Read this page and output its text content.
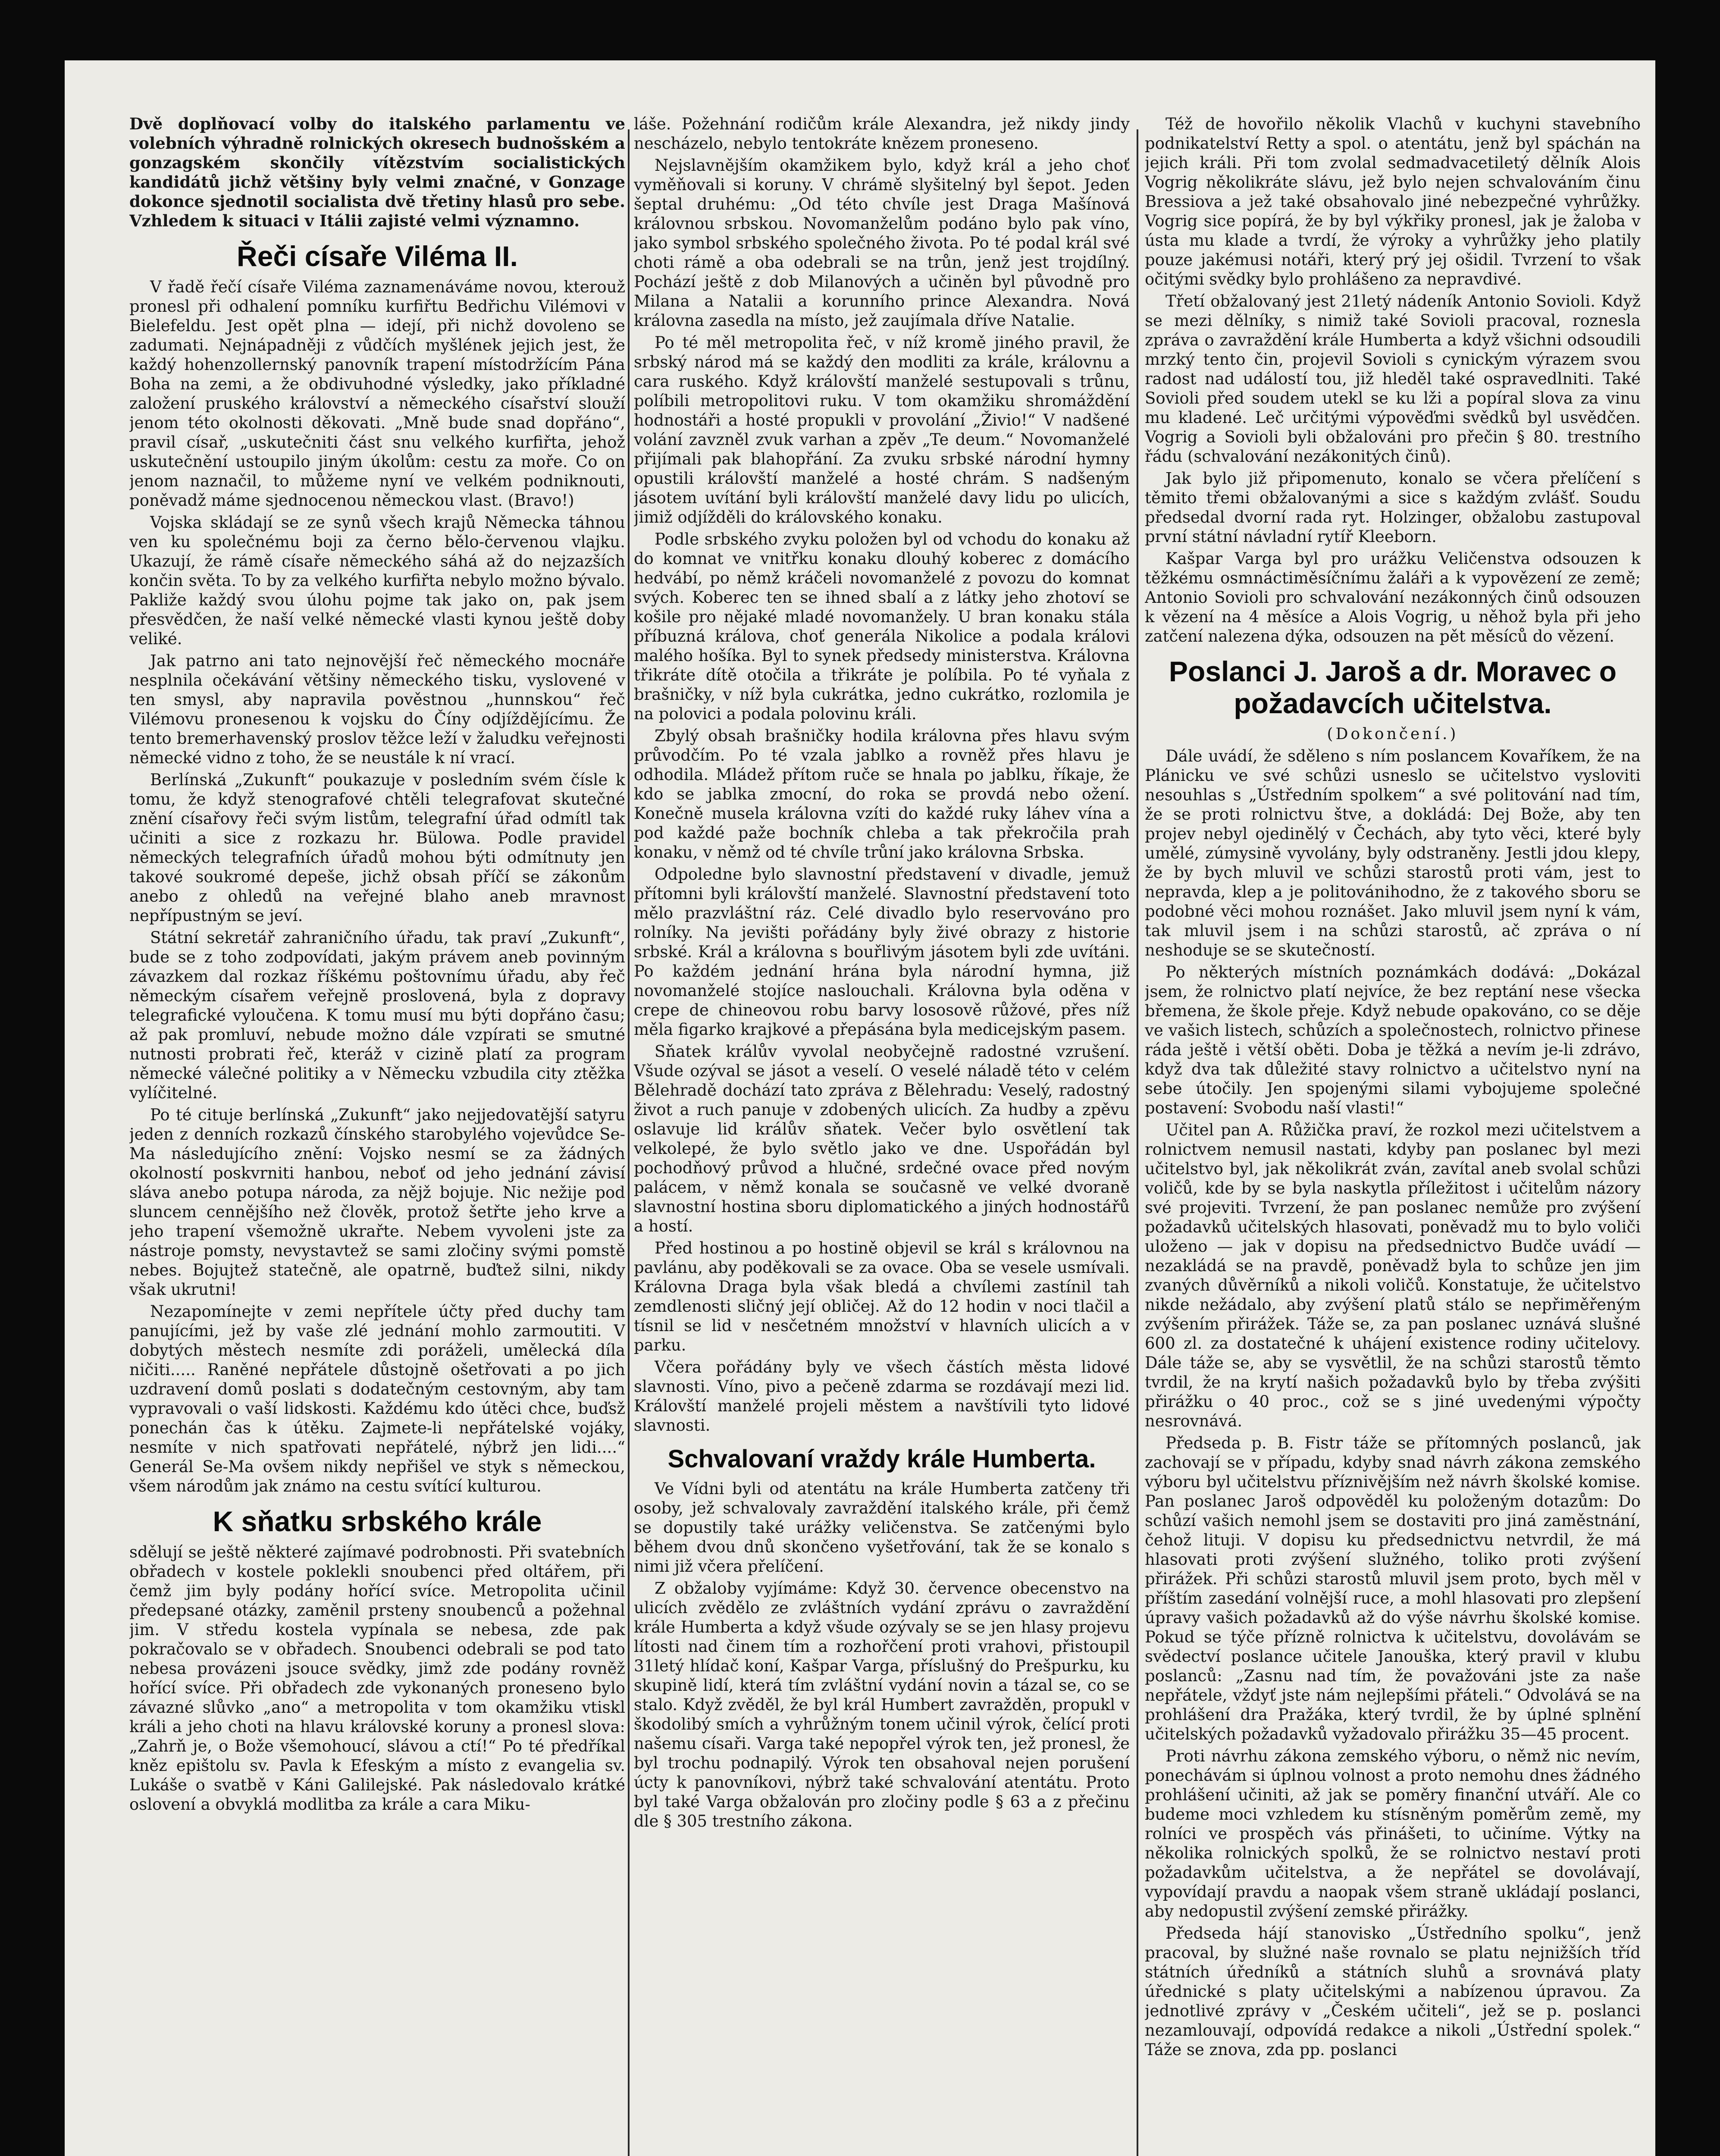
Dvě doplňovací volby do italského parlamentu ve volebních výhradně rolnických okresech budnošském a gonzagském skončily vítězstvím socialistických kandidátů jichž většiny byly velmi značné, v Gonzage dokonce sjednotil socialista dvě třetiny hlasů pro sebe. Vzhledem k situaci v Itálii zajisté velmi významno.

Řeči císaře Viléma II.

V řadě řečí císaře Viléma zaznamenáváme novou, kterouž pronesl při odhalení pomníku kurfiřtu Bedřichu Vilémovi v Bielefeldu. Jest opět plna — idejí, při nichž dovoleno se zadumati. Nejnápadněji z vůdčích myšlének jejich jest, že každý hohenzollernský panovník trapení místodržícím Pána Boha na zemi, a že obdivuhodné výsledky, jako příkladné založení pruského království a německého císařství slouží jenom této okolnosti děkovati. „Mně bude snad dopřáno“, pravil císař, „uskutečniti část snu velkého kurfiřta, jehož uskutečnění ustoupilo jiným úkolům: cestu za moře. Co on jenom naznačil, to můžeme nyní ve velkém podniknouti, poněvadž máme sjednocenou německou vlast. (Bravo!)

Vojska skládají se ze synů všech krajů Německa táhnou ven ku společnému boji za černo bělo-červenou vlajku. Ukazují, že rámě císaře německého sáhá až do nejzazších končin světa. To by za velkého kurfiřta nebylo možno bývalo. Pakliže každý svou úlohu pojme tak jako on, pak jsem přesvědčen, že naší velké německé vlasti kynou ještě doby veliké.

Jak patrno ani tato nejnovější řeč německého mocnáře nesplnila očekávání většiny německého tisku, vyslovené v ten smysl, aby napravila pověstnou „hunnskou“ řeč Vilémovu pronesenou k vojsku do Číny odjíždějícímu. Že tento bremerhavenský proslov těžce leží v žaludku veřejnosti německé vidno z toho, že se neustále k ní vrací.

Berlínská „Zukunft“ poukazuje v posledním svém čísle k tomu, že když stenografové chtěli telegrafovat skutečné znění císařovy řeči svým listům, telegrafní úřad odmítl tak učiniti a sice z rozkazu hr. Bülowa. Podle pravidel německých telegrafních úřadů mohou býti odmítnuty jen takové soukromé depeše, jichž obsah příčí se zákonům anebo z ohledů na veřejné blaho aneb mravnost nepřípustným se jeví.

Státní sekretář zahraničního úřadu, tak praví „Zukunft“, bude se z toho zodpovídati, jakým právem aneb povinným závazkem dal rozkaz říškému poštovnímu úřadu, aby řeč německým císařem veřejně proslovená, byla z dopravy telegrafické vyloučena. K tomu musí mu býti dopřáno času; až pak promluví, nebude možno dále vzpírati se smutné nutnosti probrati řeč, kteráž v cizině platí za program německé válečné politiky a v Německu vzbudila city ztěžka vylíčitelné.

Po té cituje berlínská „Zukunft“ jako nejjedovatější satyru jeden z denních rozkazů čínského starobylého vojevůdce Se-Ma následujícího znění: Vojsko nesmí se za žádných okolností poskvrniti hanbou, neboť od jeho jednání závisí sláva anebo potupa národa, za nějž bojuje. Nic nežije pod sluncem cennějšího než člověk, protož šetřte jeho krve a jeho trapení všemožně ukrařte. Nebem vyvoleni jste za nástroje pomsty, nevystavtež se sami zločiny svými pomstě nebes. Bojujtež statečně, ale opatrně, buďtež silni, nikdy však ukrutni!

Nezapomínejte v zemi nepřítele účty před duchy tam panujícími, jež by vaše zlé jednání mohlo zarmoutiti. V dobytých městech nesmíte zdi poráželi, umělecká díla ničiti..... Raněné nepřátele důstojně ošetřovati a po jich uzdravení domů poslati s dodatečným cestovným, aby tam vypravovali o vaší lidskosti. Každému kdo útěci chce, buďsž ponechán čas k útěku. Zajmete-li nepřátelské vojáky, nesmíte v nich spatřovati nepřátelé, nýbrž jen lidi....“ Generál Se-Ma ovšem nikdy nepřišel ve styk s německou, všem národům jak známo na cestu svítící kulturou.

K sňatku srbského krále

sdělují se ještě některé zajímavé podrobnosti. Při svatebních obřadech v kostele poklekli snoubenci před oltářem, při čemž jim byly podány hořící svíce. Metropolita učinil předepsané otázky, zaměnil prsteny snoubenců a požehnal jim. V středu kostela vypínala se nebesa, zde pak pokračovalo se v obřadech. Snoubenci odebrali se pod tato nebesa provázeni jsouce svědky, jimž zde podány rovněž hořící svíce. Při obřadech zde vykonaných proneseno bylo závazné slůvko „ano“ a metropolita v tom okamžiku vtiskl králi a jeho choti na hlavu královské koruny a pronesl slova: „Zahrň je, o Bože všemohoucí, slávou a ctí!“ Po té předříkal kněz epištolu sv. Pavla k Efeským a místo z evangelia sv. Lukáše o svatbě v Káni Galilejské. Pak následovalo krátké oslovení a obvyklá modlitba za krále a cara Miku-

láše. Požehnání rodičům krále Alexandra, jež nikdy jindy nescházelo, nebylo tentokráte knězem proneseno.

Nejslavnějším okamžikem bylo, když král a jeho choť vyměňovali si koruny. V chrámě slyšitelný byl šepot. Jeden šeptal druhému: „Od této chvíle jest Draga Mašínová královnou srbskou. Novomanželům podáno bylo pak víno, jako symbol srbského společného života. Po té podal král své choti rámě a oba odebrali se na trůn, jenž jest trojdílný. Pochází ještě z dob Milanových a učiněn byl původně pro Milana a Natalii a korunního prince Alexandra. Nová královna zasedla na místo, jež zaujímala dříve Natalie.

Po té měl metropolita řeč, v níž kromě jiného pravil, že srbský národ má se každý den modliti za krále, královnu a cara ruského. Když královští manželé sestupovali s trůnu, políbili metropolitovi ruku. V tom okamžiku shromáždění hodnostáři a hosté propukli v provolání „Živio!“ V nadšené volání zavzněl zvuk varhan a zpěv „Te deum.“ Novomanželé přijímali pak blahopřání. Za zvuku srbské národní hymny opustili královští manželé a hosté chrám. S nadšeným jásotem uvítání byli královští manželé davy lidu po ulicích, jimiž odjížděli do královského konaku.

Podle srbského zvyku položen byl od vchodu do konaku až do komnat ve vnitřku konaku dlouhý koberec z domácího hedvábí, po němž kráčeli novomanželé z povozu do komnat svých. Koberec ten se ihned sbalí a z látky jeho zhotoví se košile pro nějaké mladé novomanžely. U bran konaku stála příbuzná králova, choť generála Nikolice a podala královi malého hošíka. Byl to synek předsedy ministerstva. Královna třikráte dítě otočila a třikráte je políbila. Po té vyňala z brašničky, v níž byla cukrátka, jedno cukrátko, rozlomila je na polovici a podala polovinu králi.

Zbylý obsah brašničky hodila královna přes hlavu svým průvodčím. Po té vzala jablko a rovněž přes hlavu je odhodila. Mládež přítom ruče se hnala po jablku, říkaje, že kdo se jablka zmocní, do roka se provdá nebo ožení. Konečně musela královna vzíti do každé ruky láhev vína a pod každé paže bochník chleba a tak překročila prah konaku, v němž od té chvíle trůní jako královna Srbska.

Odpoledne bylo slavnostní představení v divadle, jemuž přítomni byli královští manželé. Slavnostní představení toto mělo prazvláštní ráz. Celé divadlo bylo reservováno pro rolníky. Na jevišti pořádány byly živé obrazy z historie srbské. Král a královna s bouřlivým jásotem byli zde uvítáni. Po každém jednání hrána byla národní hymna, již novomanželé stojíce naslouchali. Královna byla oděna v crepe de chineovou robu barvy lososově růžové, přes níž měla figarko krajkové a přepásána byla medicejským pasem.

Sňatek králův vyvolal neobyčejně radostné vzrušení. Všude ozýval se jásot a veselí. O veselé náladě této v celém Bělehradě dochází tato zpráva z Bělehradu: Veselý, radostný život a ruch panuje v zdobených ulicích. Za hudby a zpěvu oslavuje lid králův sňatek. Večer bylo osvětlení tak velkolepé, že bylo světlo jako ve dne. Uspořádán byl pochodňový průvod a hlučné, srdečné ovace před novým palácem, v němž konala se současně ve velké dvoraně slavnostní hostina sboru diplomatického a jiných hodnostářů a hostí.

Před hostinou a po hostině objevil se král s královnou na pavlánu, aby poděkovali se za ovace. Oba se vesele usmívali. Královna Draga byla však bledá a chvílemi zastínil tah zemdlenosti sličný její obličej. Až do 12 hodin v noci tlačil a tísnil se lid v nesčetném množství v hlavních ulicích a v parku.

Včera pořádány byly ve všech částích města lidové slavnosti. Víno, pivo a pečeně zdarma se rozdávají mezi lid. Královští manželé projeli městem a navštívili tyto lidové slavnosti.

Schvalovaní vraždy krále Humberta.

Ve Vídni byli od atentátu na krále Humberta zatčeny tři osoby, jež schvalovaly zavraždění italského krále, při čemž se dopustily také urážky veličenstva. Se zatčenými bylo během dvou dnů skončeno vyšetřování, tak že se konalo s nimi již včera přelíčení.

Z obžaloby vyjímáme: Když 30. července obecenstvo na ulicích zvědělo ze zvláštních vydání zprávu o zavraždění krále Humberta a když všude ozývaly se se jen hlasy projevu lítosti nad činem tím a rozhořčení proti vrahovi, přistoupil 31letý hlídač koní, Kašpar Varga, příslušný do Prešpurku, ku skupině lidí, která tím zvláštní vydání novin a tázal se, co se stalo. Když zvěděl, že byl král Humbert zavražděn, propukl v škodolibý smích a vyhrůžným tonem učinil výrok, čelící proti našemu císaři. Varga také nepopřel výrok ten, jež pronesl, že byl trochu podnapilý. Výrok ten obsahoval nejen porušení úcty k panovníkovi, nýbrž také schvalování atentátu. Proto byl také Varga obžalován pro zločiny podle § 63 a z přečinu dle § 305 trestního zákona.

Též de hovořilo několik Vlachů v kuchyni stavebního podnikatelství Retty a spol. o atentátu, jenž byl spáchán na jejich králi. Při tom zvolal sedmadvacetiletý dělník Alois Vogrig několikráte slávu, jež bylo nejen schvalováním činu Bressiova a jež také obsahovalo jiné nebezpečné vyhrůžky. Vogrig sice popírá, že by byl výkřiky pronesl, jak je žaloba v ústa mu klade a tvrdí, že výroky a vyhrůžky jeho platily pouze jakémusi notáři, který prý jej ošidil. Tvrzení to však očitými svědky bylo prohlášeno za nepravdivé.

Třetí obžalovaný jest 21letý nádeník Antonio Sovioli. Když se mezi dělníky, s nimiž také Sovioli pracoval, roznesla zpráva o zavraždění krále Humberta a když všichni odsoudili mrzký tento čin, projevil Sovioli s cynickým výrazem svou radost nad událostí tou, již hleděl také ospravedlniti. Také Sovioli před soudem utekl se ku lži a popíral slova za vinu mu kladené. Leč určitými výpověďmi svědků byl usvědčen. Vogrig a Sovioli byli obžalováni pro přečin § 80. trestního řádu (schvalování nezákonitých činů).

Jak bylo již připomenuto, konalo se včera přelíčení s těmito třemi obžalovanými a sice s každým zvlášť. Soudu předsedal dvorní rada ryt. Holzinger, obžalobu zastupoval první státní návladní rytíř Kleeborn.

Kašpar Varga byl pro urážku Veličenstva odsouzen k těžkému osmnáctiměsíčnímu žaláři a k vypovězení ze země; Antonio Sovioli pro schvalování nezákonných činů odsouzen k vězení na 4 měsíce a Alois Vogrig, u něhož byla při jeho zatčení nalezena dýka, odsouzen na pět měsíců do vězení.

Poslanci J. Jaroš a dr. Moravec o požadavcích učitelstva.

(Dokončení.)

Dále uvádí, že sděleno s ním poslancem Kovaříkem, že na Plánicku ve své schůzi usneslo se učitelstvo vysloviti nesouhlas s „Ústředním spolkem“ a své politování nad tím, že se proti rolnictvu štve, a dokládá: Dej Bože, aby ten projev nebyl ojedinělý v Čechách, aby tyto věci, které byly umělé, zúmysině vyvolány, byly odstraněny. Jestli jdou klepy, že by bych mluvil ve schůzi starostů proti vám, jest to nepravda, klep a je politovánihodno, že z takového sboru se podobné věci mohou roznášet. Jako mluvil jsem nyní k vám, tak mluvil jsem i na schůzi starostů, ač zpráva o ní neshoduje se se skutečností.

Po některých místních poznámkách dodává: „Dokázal jsem, že rolnictvo platí nejvíce, že bez reptání nese všecka břemena, že škole přeje. Když nebude opakováno, co se děje ve vašich listech, schůzích a společnostech, rolnictvo přinese ráda ještě i větší oběti. Doba je těžká a nevím je-li zdrávo, když dva tak důležité stavy rolnictvo a učitelstvo nyní na sebe útočily. Jen spojenými silami vybojujeme společné postavení: Svobodu naší vlasti!“

Učitel pan A. Růžička praví, že rozkol mezi učitelstvem a rolnictvem nemusil nastati, kdyby pan poslanec byl mezi učitelstvo byl, jak několikrát zván, zavítal aneb svolal schůzi voličů, kde by se byla naskytla příležitost i učitelům názory své projeviti. Tvrzení, že pan poslanec nemůže pro zvýšení požadavků učitelských hlasovati, poněvadž mu to bylo voliči uloženo — jak v dopisu na předsednictvo Budče uvádí — nezakládá se na pravdě, poněvadž byla to schůze jen jim zvaných důvěrníků a nikoli voličů. Konstatuje, že učitelstvo nikde nežádalo, aby zvýšení platů stálo se nepřiměřeným zvýšením přirážek. Táže se, za pan poslanec uznává slušné 600 zl. za dostatečné k uhájení existence rodiny učitelovy. Dále táže se, aby se vysvětlil, že na schůzi starostů těmto tvrdil, že na krytí našich požadavků bylo by třeba zvýšiti přirážku o 40 proc., což se s jiné uvedenými výpočty nesrovnává.

Předseda p. B. Fistr táže se přítomných poslanců, jak zachovají se v případu, kdyby snad návrh zákona zemského výboru byl učitelstvu příznivějším než návrh školské komise. Pan poslanec Jaroš odpověděl ku položeným dotazům: Do schůzí vašich nemohl jsem se dostaviti pro jiná zaměstnání, čehož lituji. V dopisu ku předsednictvu netvrdil, že má hlasovati proti zvýšení služného, toliko proti zvýšení přirážek. Při schůzi starostů mluvil jsem proto, bych měl v příštím zasedání volnější ruce, a mohl hlasovati pro zlepšení úpravy vašich požadavků až do výše návrhu školské komise. Pokud se týče přízně rolnictva k učitelstvu, dovolávám se svědectví poslance učitele Janouška, který pravil v klubu poslanců: „Zasnu nad tím, že považováni jste za naše nepřátele, vždyť jste nám nejlepšími přáteli.“ Odvolává se na prohlášení dra Pražáka, který tvrdil, že by úplné splnění učitelských požadavků vyžadovalo přirážku 35—45 procent.

Proti návrhu zákona zemského výboru, o němž nic nevím, ponechávám si úplnou volnost a proto nemohu dnes žádného prohlášení učiniti, až jak se poměry finanční utváří. Ale co budeme moci vzhledem ku stísněným poměrům země, my rolníci ve prospěch vás přinášeti, to učiníme. Výtky na několika rolnických spolků, že se rolnictvo nestaví proti požadavkům učitelstva, a že nepřátel se dovolávají, vypovídají pravdu a naopak všem straně ukládají poslanci, aby nedopustil zvýšení zemské přirážky.

Předseda hájí stanovisko „Ústředního spolku“, jenž pracoval, by služné naše rovnalo se platu nejnižších tříd státních úředníků a státních sluhů a srovnává platy úřednické s platy učitelskými a nabízenou úpravou. Za jednotlivé zprávy v „Českém učiteli“, jež se p. poslanci nezamlouvají, odpovídá redakce a nikoli „Ústřední spolek.“ Táže se znova, zda pp. poslanci
